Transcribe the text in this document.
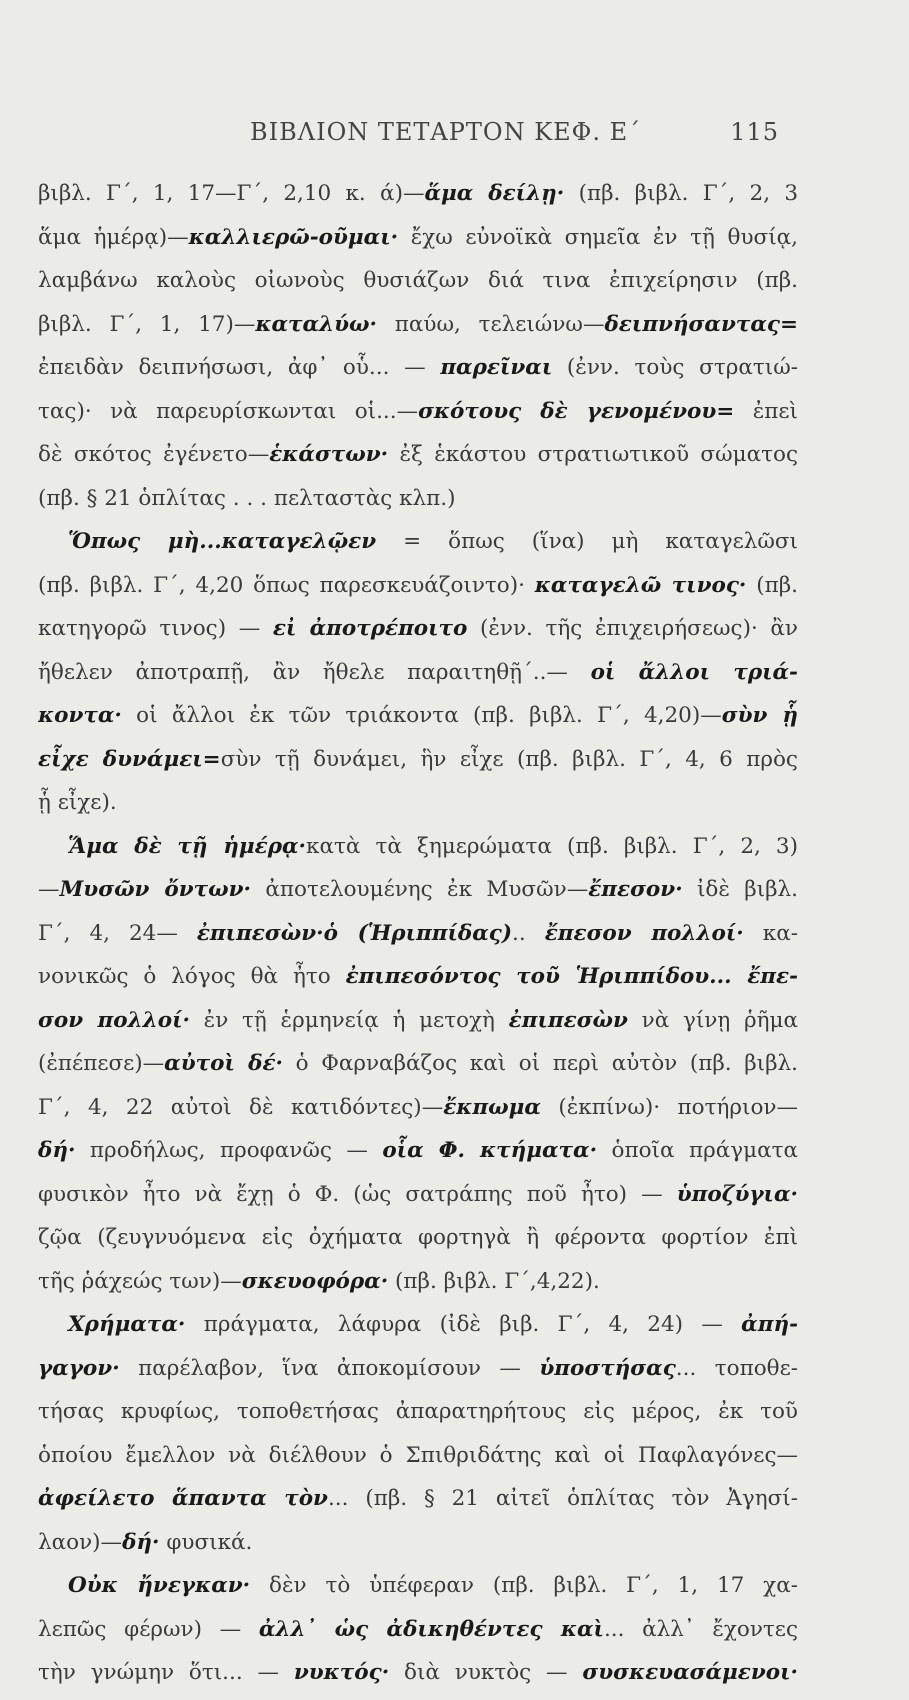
ΒΙΒΛΙΟΝ ΤΕΤΑΡΤΟΝ ΚΕΦ. Ε΄	115
βιβλ. Γ΄, 1, 17—Γ΄, 2,10 κ. ά)—ἅμα δείλῃ· (πβ. βιβλ. Γ΄, 2, 3
ἅμα ἡμέρᾳ)—καλλιερῶ-οῦμαι· ἔχω εὐνοϊκὰ σημεῖα ἐν τῇ θυσίᾳ,
λαμβάνω καλοὺς οἰωνοὺς θυσιάζων διά τινα ἐπιχείρησιν (πβ.
βιβλ. Γ΄, 1, 17)—καταλύω· παύω, τελειώνω—δειπνήσαντας=
ἐπειδὰν δειπνήσωσι, ἀφ᾿ οὗ... — παρεῖναι (ἐνν. τοὺς στρατιώ-
τας)· νὰ παρευρίσκωνται οἱ...—σκότους δὲ γενομένου= ἐπεὶ
δὲ σκότος ἐγένετο—ἑκάστων· ἐξ ἑκάστου στρατιωτικοῦ σώματος
(πβ. § 21 ὁπλίτας . . . πελταστὰς κλπ.)
Ὅπως μὴ...καταγελῷεν = ὅπως (ἵνα) μὴ καταγελῶσι
(πβ. βιβλ. Γ΄, 4,20 ὅπως παρεσκευάζοιντο)· καταγελῶ τινος· (πβ.
κατηγορῶ τινος) — εἰ ἀποτρέποιτο (ἐνν. τῆς ἐπιχειρήσεως)· ἂν
ἤθελεν ἀποτραπῇ, ἂν ἤθελε παραιτηθῇ΄..— οἱ ἄλλοι τριά-
κοντα· οἱ ἄλλοι ἐκ τῶν τριάκοντα (πβ. βιβλ. Γ΄, 4,20)—σὺν ᾗ
εἶχε δυνάμει=σὺν τῇ δυνάμει, ἣν εἶχε (πβ. βιβλ. Γ΄, 4, 6 πρὸς
ᾗ εἶχε).
Ἅμα δὲ τῇ ἡμέρᾳ·κατὰ τὰ ξημερώματα (πβ. βιβλ. Γ΄, 2, 3)
—Μυσῶν ὄντων· ἀποτελουμένης ἐκ Μυσῶν—ἔπεσον· ἰδὲ βιβλ.
Γ΄, 4, 24— ἐπιπεσὼν·ὁ (Ἡριππίδας).. ἔπεσον πολλοί· κα-
νονικῶς ὁ λόγος θὰ ἦτο ἐπιπεσόντος τοῦ Ἡριππίδου... ἔπε-
σον πολλοί· ἐν τῇ ἑρμηνείᾳ ἡ μετοχὴ ἐπιπεσὼν νὰ γίνῃ ῥῆμα
(ἐπέπεσε)—αὐτοὶ δέ· ὁ Φαρναβάζος καὶ οἱ περὶ αὐτὸν (πβ. βιβλ.
Γ΄, 4, 22 αὐτοὶ δὲ κατιδόντες)—ἔκπωμα (ἐκπίνω)· ποτήριον—
δή· προδήλως, προφανῶς — οἷα Φ. κτήματα· ὁποῖα πράγματα
φυσικὸν ἦτο νὰ ἔχῃ ὁ Φ. (ὡς σατράπης ποῦ ἦτο) — ὑποζύγια·
ζῷα (ζευγνυόμενα εἰς ὀχήματα φορτηγὰ ἢ φέροντα φορτίον ἐπὶ
τῆς ῥάχεώς των)—σκευοφόρα· (πβ. βιβλ. Γ΄,4,22).
Χρήματα· πράγματα, λάφυρα (ἰδὲ βιβ. Γ΄, 4, 24) — ἀπή-
γαγον· παρέλαβον, ἵνα ἀποκομίσουν — ὑποστήσας... τοποθε-
τήσας κρυφίως, τοποθετήσας ἀπαρατηρήτους εἰς μέρος, ἐκ τοῦ
ὁποίου ἔμελλον νὰ διέλθουν ὁ Σπιθριδάτης καὶ οἱ Παφλαγόνες—
ἀφείλετο ἅπαντα τὸν... (πβ. § 21 αἰτεῖ ὁπλίτας τὸν Ἀγησί-
λαον)—δή· φυσικά.
Οὐκ ἤνεγκαν· δὲν τὸ ὑπέφεραν (πβ. βιβλ. Γ΄, 1, 17 χα-
λεπῶς φέρων) — ἀλλ᾿ ὡς ἀδικηθέντες καὶ... ἀλλ᾿ ἔχοντες
τὴν γνώμην ὅτι... — νυκτός· διὰ νυκτὸς — συσκευασάμενοι·
